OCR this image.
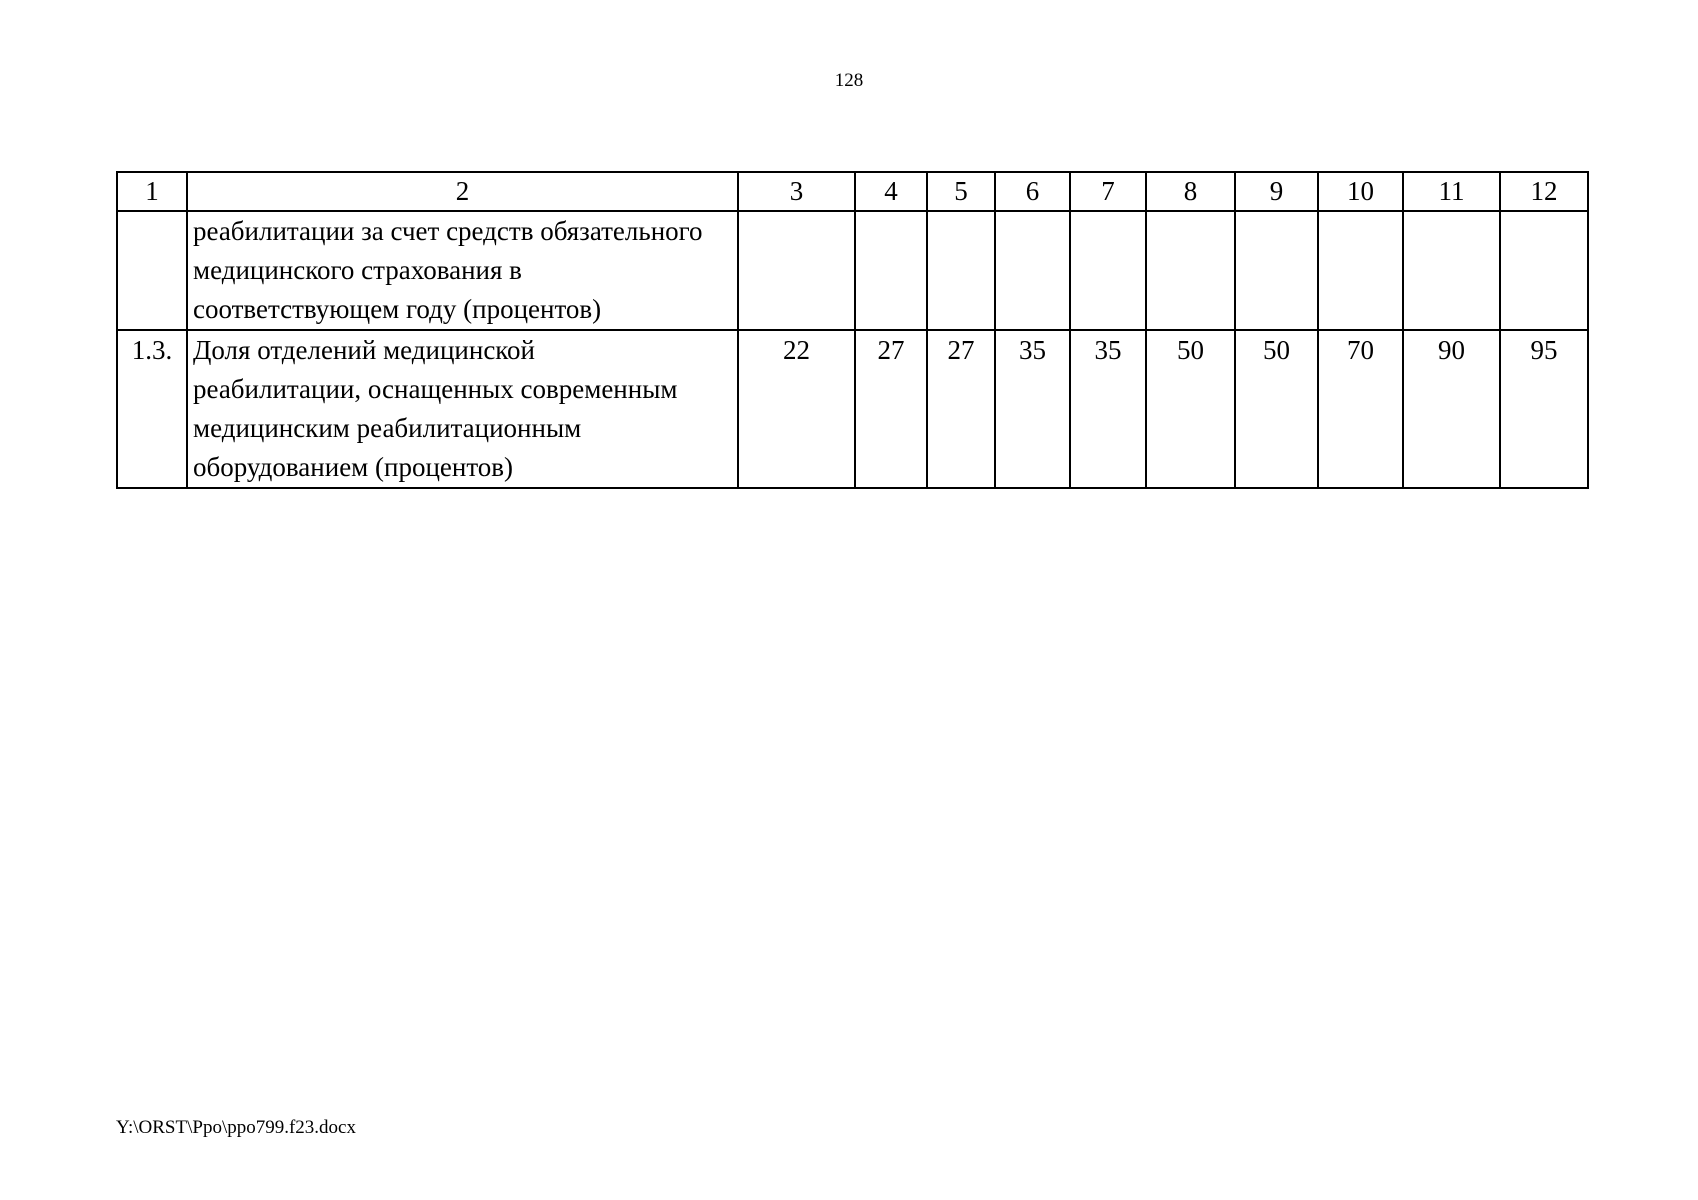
128
1	2	3	4	5	6	7	8	9	10	11	12

	реабилитации за счет средств обязательного
медицинского страхования в
соответствующем году (процентов)										

1.3.	Доля отделений медицинской
реабилитации, оснащенных современным
медицинским реабилитационным
оборудованием (процентов)	22	27	27	35	35	50	50	70	90	95
Y:\ORST\Ppo\ppo799.f23.docx
